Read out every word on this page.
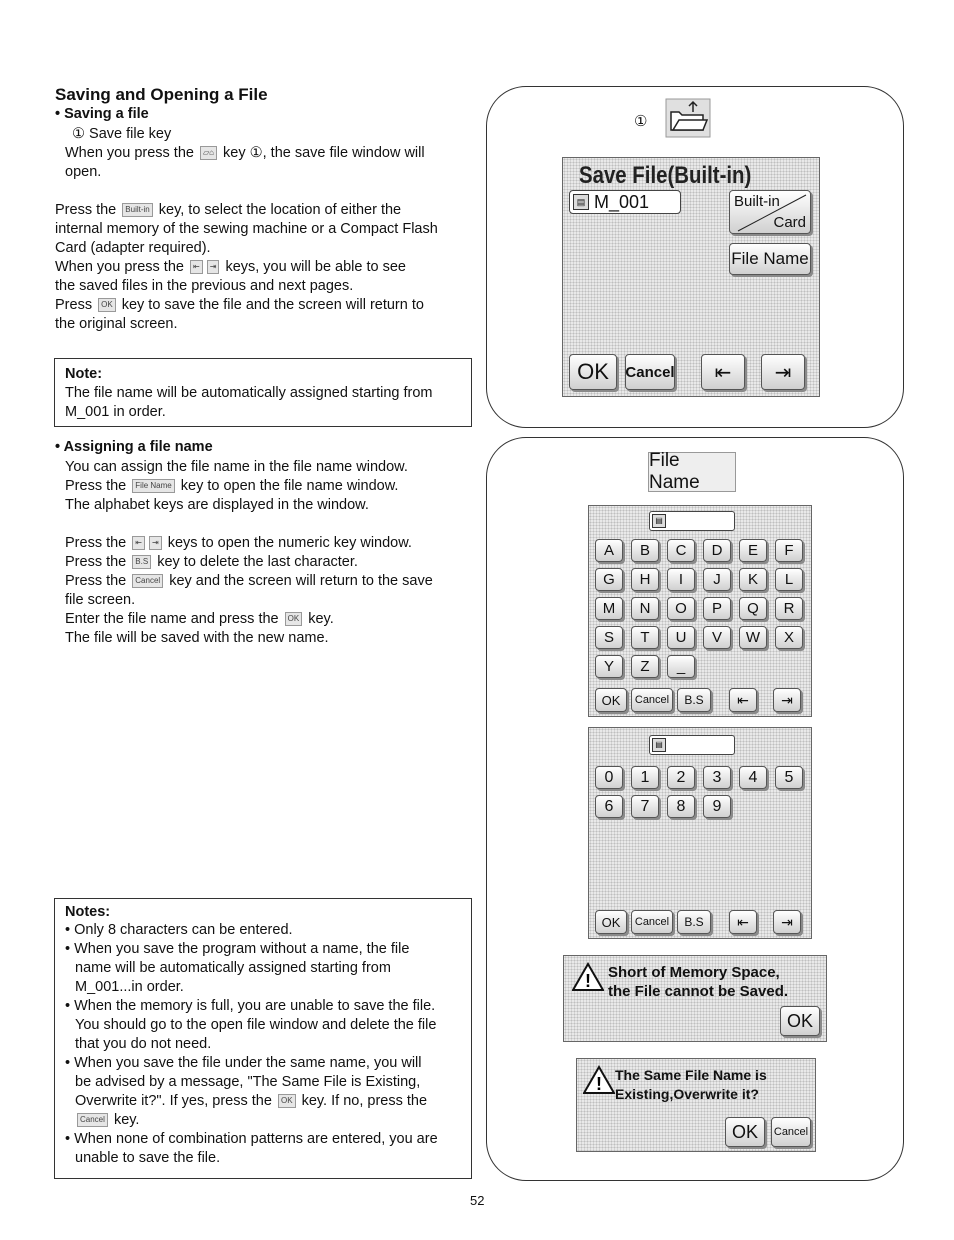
Saving and Opening a File
• Saving a file
① Save file key
When you press the ▱⌂ key ①, the save file window will
open.
Press the Built-in key, to select the location of either the
internal memory of the sewing machine or a Compact Flash
Card (adapter required).
When you press the ⇤ ⇥ keys, you will be able to see
the saved files in the previous and next pages.
Press OK key to save the file and the screen will return to
the original screen.
Note:
The file name will be automatically assigned starting from
M_001 in order.
• Assigning a file name
You can assign the file name in the file name window.
Press the File Name key to open the file name window.
The alphabet keys are displayed in the window.
Press the ⇤ ⇥ keys to open the numeric key window.
Press the B.S key to delete the last character.
Press the Cancel key and the screen will return to the save
file screen.
Enter the file name and press the OK key.
The file will be saved with the new name.
Notes:
• Only 8 characters can be entered.
• When you save the program without a name, the file
name will be automatically assigned starting from
M_001...in order.
• When the memory is full, you are unable to save the file.
You should go to the open file window and delete the file
that you do not need.
• When you save the file under the same name, you will
be advised by a message, "The Same File is Existing,
Overwrite it?". If yes, press the OK key. If no, press the
Cancel key.
• When none of combination patterns are entered, you are
unable to save the file.
①
Save File(Built-in)
▤ M_001	Built-in
Card
File Name
OK	Cancel ⇤ ⇥
File Name
▤
A	B	C	D	E	F
G	H	I	J	K	L
M	N	O	P	Q	R
S	T	U	V	W	X
Y	Z	_
OK	Cancel	B.S	⇤ ⇥
▤
0	1	2	3	4	5
6	7	8	9
OK	Cancel	B.S	⇤ ⇥
! Short of Memory Space,
the File cannot be Saved.
OK
! The Same File Name is
Existing,Overwrite it?
OK	Cancel
52
